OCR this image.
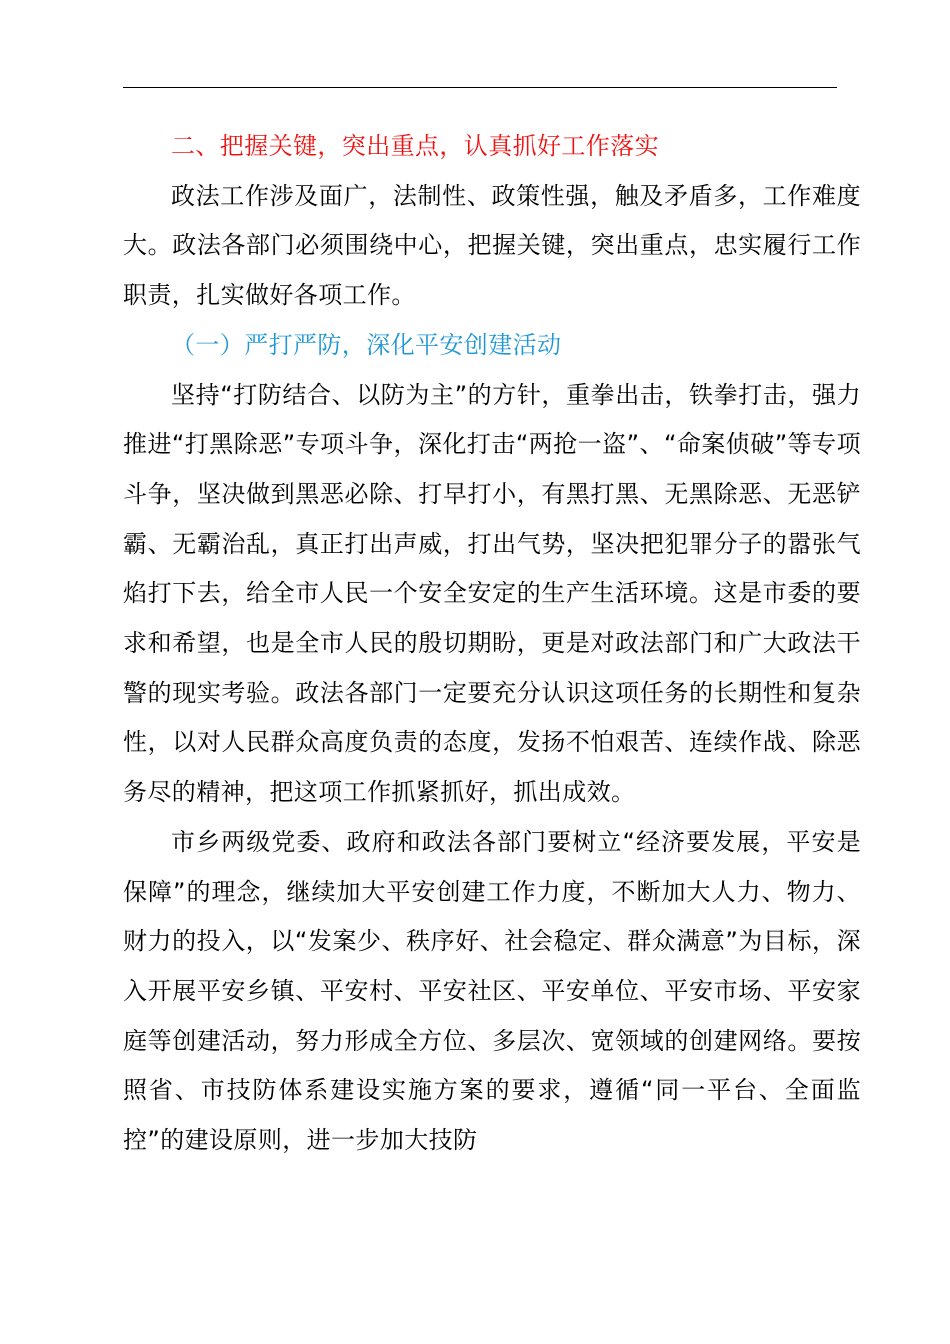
二、把握关键，突出重点，认真抓好工作落实

政法工作涉及面广，法制性、政策性强，触及矛盾多，工作难度大。政法各部门必须围绕中心，把握关键，突出重点，忠实履行工作职责，扎实做好各项工作。

（一）严打严防，深化平安创建活动

坚持“打防结合、以防为主”的方针，重拳出击，铁拳打击，强力推进“打黑除恶”专项斗争，深化打击“两抢一盗”、“命案侦破”等专项斗争，坚决做到黑恶必除、打早打小，有黑打黑、无黑除恶、无恶铲霸、无霸治乱，真正打出声威，打出气势，坚决把犯罪分子的嚣张气焰打下去，给全市人民一个安全安定的生产生活环境。这是市委的要求和希望，也是全市人民的殷切期盼，更是对政法部门和广大政法干警的现实考验。政法各部门一定要充分认识这项任务的长期性和复杂性，以对人民群众高度负责的态度，发扬不怕艰苦、连续作战、除恶务尽的精神，把这项工作抓紧抓好，抓出成效。

市乡两级党委、政府和政法各部门要树立“经济要发展，平安是保障”的理念，继续加大平安创建工作力度，不断加大人力、物力、财力的投入，以“发案少、秩序好、社会稳定、群众满意”为目标，深入开展平安乡镇、平安村、平安社区、平安单位、平安市场、平安家庭等创建活动，努力形成全方位、多层次、宽领域的创建网络。要按照省、市技防体系建设实施方案的要求，遵循“同一平台、全面监控”的建设原则，进一步加大技防
